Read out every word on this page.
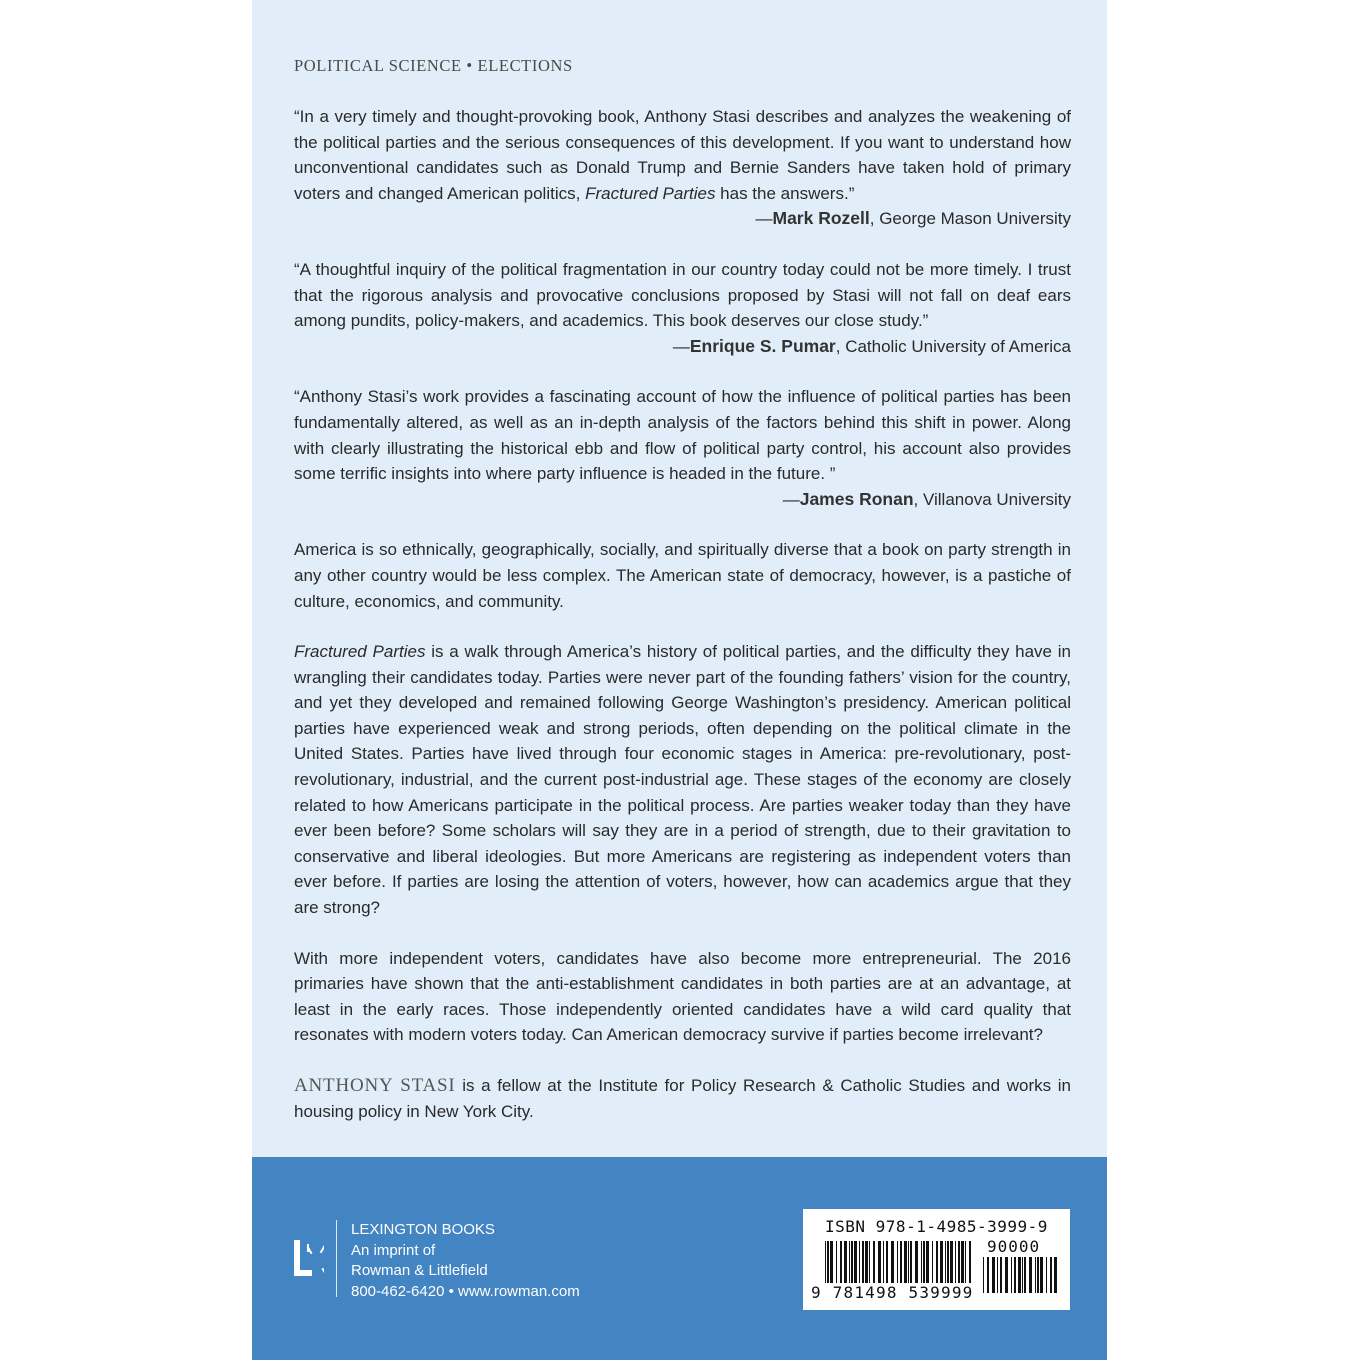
POLITICAL SCIENCE • ELECTIONS

“In a very timely and thought-provoking book, Anthony Stasi describes and analyzes the weakening of the political parties and the serious consequences of this development. If you want to understand how unconventional candidates such as Donald Trump and Bernie Sanders have taken hold of primary voters and changed American politics, Fractured Parties has the answers.”

—Mark Rozell, George Mason University

“A thoughtful inquiry of the political fragmentation in our country today could not be more timely. I trust that the rigorous analysis and provocative conclusions proposed by Stasi will not fall on deaf ears among pundits, policy-makers, and academics. This book deserves our close study.”

—Enrique S. Pumar, Catholic University of America

“Anthony Stasi’s work provides a fascinating account of how the influence of political parties has been fundamentally altered, as well as an in-depth analysis of the factors behind this shift in power. Along with clearly illustrating the historical ebb and flow of political party control, his account also provides some terrific insights into where party influence is headed in the future. ”

—James Ronan, Villanova University

America is so ethnically, geographically, socially, and spiritually diverse that a book on party strength in any other country would be less complex. The American state of democracy, however, is a pastiche of culture, economics, and community.

Fractured Parties is a walk through America’s history of political parties, and the difficulty they have in wrangling their candidates today. Parties were never part of the founding fathers’ vision for the country, and yet they developed and remained following George Washington’s presidency. American political parties have experienced weak and strong periods, often depending on the political climate in the United States. Parties have lived through four economic stages in America: pre-revolutionary, post-revolutionary, industrial, and the current post-industrial age. These stages of the economy are closely related to how Americans participate in the political process. Are parties weaker today than they have ever been before? Some scholars will say they are in a period of strength, due to their gravitation to conservative and liberal ideologies. But more Americans are registering as independent voters than ever before. If parties are losing the attention of voters, however, how can academics argue that they are strong?

With more independent voters, candidates have also become more entrepreneurial. The 2016 primaries have shown that the anti-establishment candidates in both parties are at an advantage, at least in the early races. Those independently oriented candidates have a wild card quality that resonates with modern voters today. Can American democracy survive if parties become irrelevant?

ANTHONY STASI is a fellow at the Institute for Policy Research & Catholic Studies and works in housing policy in New York City.

LEXINGTON BOOKS
An imprint of
Rowman & Littlefield
800-462-6420 • www.rowman.com
ISBN 978-1-4985-3999-9
90000
9 781498 539999
